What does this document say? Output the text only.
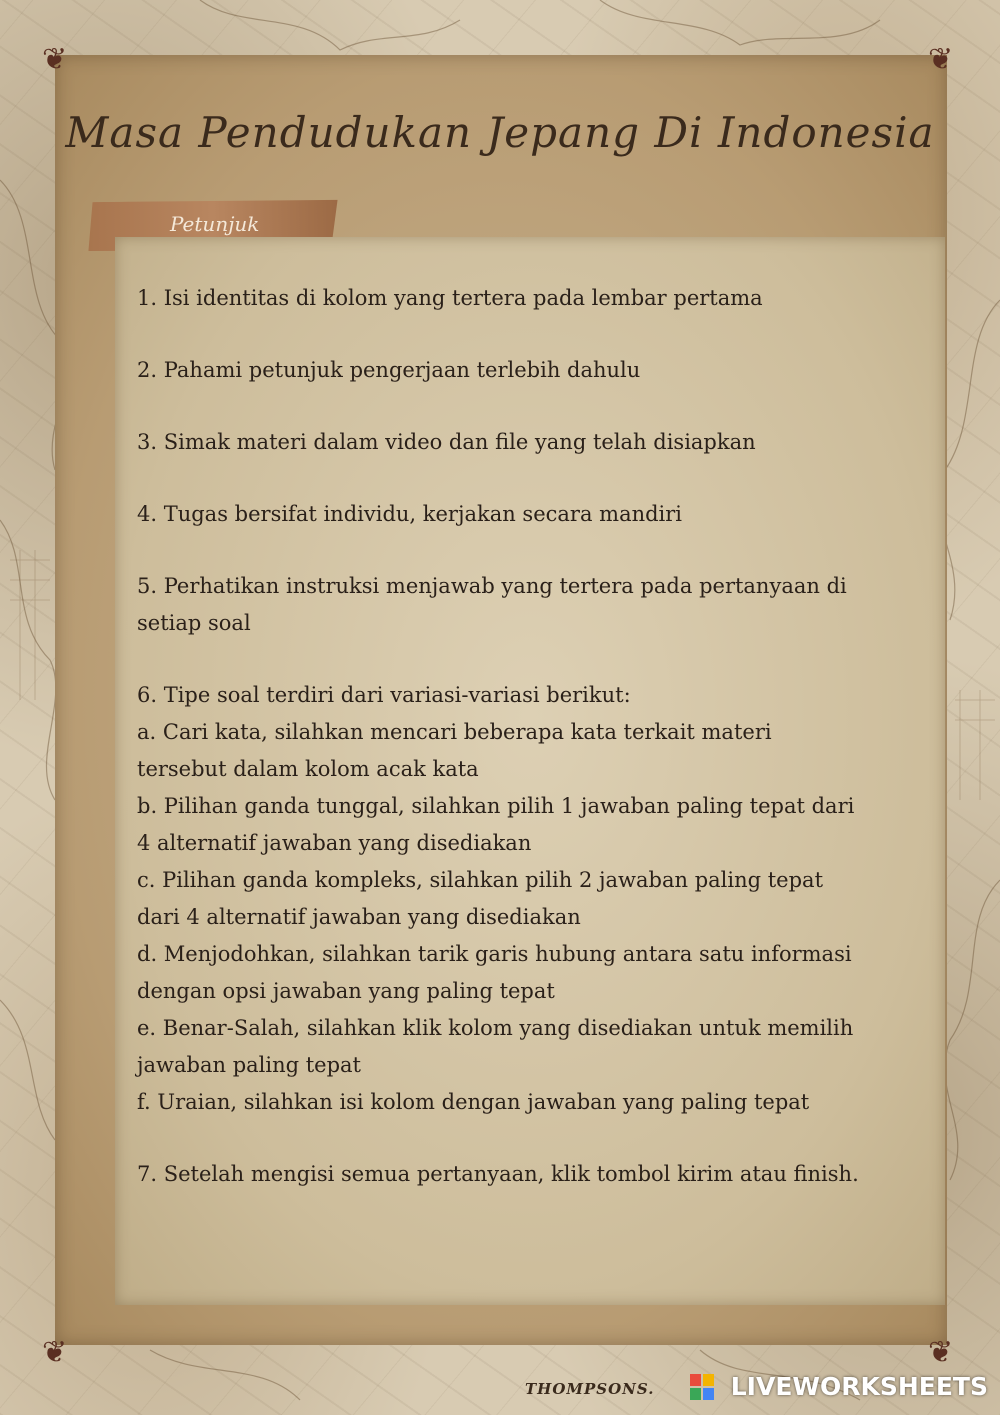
❦	❦
❦	❦
Masa Pendudukan Jepang Di Indonesia
Petunjuk
1. Isi identitas di kolom yang tertera pada lembar pertama
2. Pahami petunjuk pengerjaan terlebih dahulu
3. Simak materi dalam video dan file yang telah disiapkan
4. Tugas bersifat individu, kerjakan secara mandiri
5. Perhatikan instruksi menjawab yang tertera pada pertanyaan di setiap soal
6. Tipe soal terdiri dari variasi-variasi berikut:
a. Cari kata, silahkan mencari beberapa kata terkait materi tersebut dalam kolom acak kata
b. Pilihan ganda tunggal, silahkan pilih 1 jawaban paling tepat dari 4 alternatif jawaban yang disediakan
c. Pilihan ganda kompleks, silahkan pilih 2 jawaban paling tepat dari 4 alternatif jawaban yang disediakan
d. Menjodohkan, silahkan tarik garis hubung antara satu informasi dengan opsi jawaban yang paling tepat
e. Benar-Salah, silahkan klik kolom yang disediakan untuk memilih jawaban paling tepat
f. Uraian, silahkan isi kolom dengan jawaban yang paling tepat
7. Setelah mengisi semua pertanyaan, klik tombol kirim atau finish.
THOMPSONS.	LIVEWORKSHEETS
